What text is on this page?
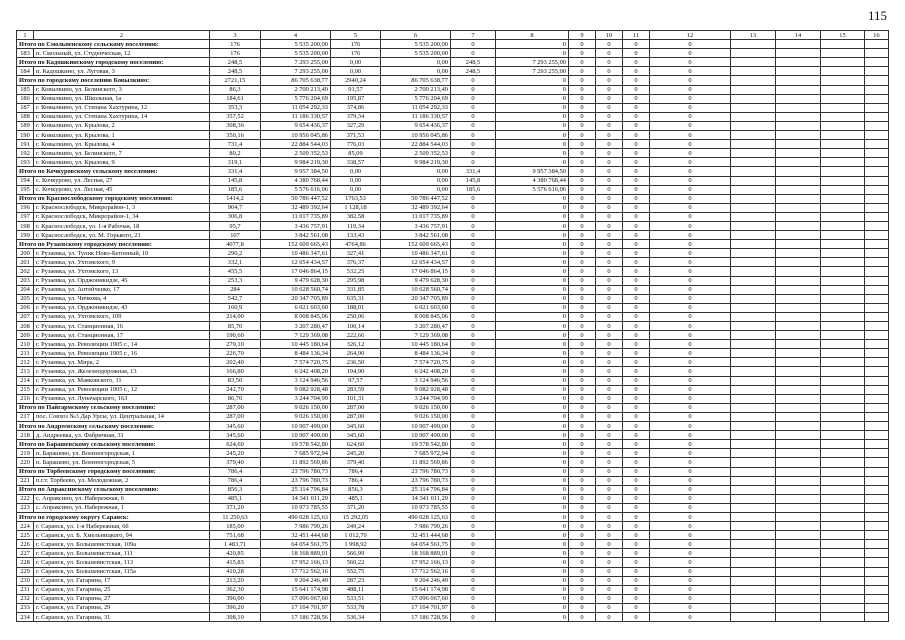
115
1	2	3	4	5	6	7	8	9	10	11	12	13	14	15	16
Итого по Смольненскому сельскому поселению:		176	5 535 200,00	176	5 535 200,00	0	0	0	0	0	0				
183	п. Смольный, ул. Студенческая, 12	176	5 535 200,00	176	5 535 200,00	0	0	0	0	0	0				
Итого по Кадошкинскому городскому поселению:		248,5	7 293 255,00	0,00	0,00	248,5	7 293 255,00	0	0	0	0				
184	п. Кадошкино, ул. Луговая, 3	248,5	7 293 255,00	0,00	0,00	248,5	7 293 255,00	0	0	0	0				
Итого по городскому поселению Ковылкино:		2721,15	86 705 638,77	2940,24	86 705 638,77	0	0	0	0	0	0				
185	г. Ковылкино, ул. Белинского, 3	86,3	2 700 213,49	91,57	2 700 213,49	0	0	0	0	0	0				
186	г. Ковылкино, ул. Школьная, 1а	184,61	5 776 204,69	195,87	5 776 204,69	0	0	0	0	0	0				
187	г. Ковылкино, ул. Степана Хахтурина, 12	353,3	11 054 292,33	374,86	11 054 292,33	0	0	0	0	0	0				
188	г. Ковылкино, ул. Степана Хахтурина, 14	357,52	11 186 330,57	379,34	11 186 330,57	0	0	0	0	0	0				
189	г. Ковылкино, ул. Крылова, 2	308,36	9 654 436,37	327,29	9 654 436,37	0	0	0	0	0	0				
190	г. Ковылкино, ул. Крылова, 1	350,16	10 956 045,86	371,53	10 956 045,86	0	0	0	0	0	0				
191	г. Ковылкино, ул. Крылова, 4	731,4	22 884 544,03	776,03	22 884 544,03	0	0	0	0	0	0				
192	г. Ковылкино, ул. Белинского, 7	80,2	2 509 352,53	85,09	2 509 352,53	0	0	0	0	0	0				
193	г. Ковылкино, ул. Крылова, 9	319,1	9 984 219,30	338,57	9 984 219,30	0	0	0	0	0	0				
Итого по Кочкуровскому сельскому поселению:		331,4	9 957 384,50	0,00	0,00	331,4	9 957 384,50	0	0	0	0				
194	с. Кочкурово, ул. Лесная, 27	145,8	4 380 768,44	0,00	0,00	145,8	4 380 768,44	0	0	0	0				
195	с. Кочкурово, ул. Лесная, 45	185,6	5 576 616,06	0,00	0,00	185,6	5 576 616,06	0	0	0	0				
Итого по Краснослободскому городскому поселению:		1414,2	50 786 447,52	1763,53	50 786 447,52	0	0	0	0	0	0				
196	г. Краснослободск, Микрорайон-1, 3	904,7	32 489 392,64	1 128,18	32 489 392,64	0	0	0	0	0	0				
197	г. Краснослободск, Микрорайон-1, 34	306,8	11 017 735,89	382,58	11 017 735,89	0	0	0	0	0	0				
198	г. Краснослободск, ул. 1-я Рабочая, 18	95,7	3 436 757,91	119,34	3 436 757,91	0	0	0	0	0	0				
199	г. Краснослободск, ул. М. Горького, 21	107	3 842 561,08	133,43	3 842 561,08	0	0	0	0	0	0				
Итого по Рузаевскому городскому поселению:		4077,8	152 609 665,43	4764,86	152 609 665,43	0	0	0	0	0	0				
200	г. Рузаевка, ул. Тупик Ново-Бетонный, 10	290,2	10 486 347,61	327,41	10 486 347,61	0	0	0	0	0	0				
201	г. Рузаевка, ул. Ухтомского, 9	332,1	12 054 434,57	376,37	12 054 434,57	0	0	0	0	0	0				
202	г. Рузаевка, ул. Ухтомского, 13	455,5	17 046 864,15	532,25	17 046 864,15	0	0	0	0	0	0				
203	г. Рузаевка, ул. Орджоникидзе, 45	253,3	9 479 628,30	295,98	9 479 628,30	0	0	0	0	0	0				
204	г. Рузаевка, ул. Антейченко, 17	284	10 628 560,74	331,85	10 628 560,74	0	0	0	0	0	0				
205	г. Рузаевка, ул. Чичкова, 4	542,7	20 347 705,89	635,31	20 347 705,89	0	0	0	0	0	0				
206	г. Рузаевка, ул. Орджоникидзе, 43	160,9	6 021 603,60	188,01	6 021 603,60	0	0	0	0	0	0				
207	г. Рузаевка, ул. Ухтомского, 109	214,00	8 008 845,06	250,06	8 008 845,06	0	0	0	0	0	0				
208	г. Рузаевка, ул. Станционная, 16	85,70	3 207 280,47	100,14	3 207 280,47	0	0	0	0	0	0				
209	г. Рузаевка, ул. Станционная, 17	190,60	7 129 369,08	222,66	7 129 369,08	0	0	0	0	0	0				
210	г. Рузаевка, ул. Революции 1905 г., 14	279,10	10 445 180,64	326,12	10 445 180,64	0	0	0	0	0	0				
211	г. Рузаевка, ул. Революции 1905 г., 16	226,70	8 484 136,34	264,90	8 484 136,34	0	0	0	0	0	0				
212	г. Рузаевка, ул. Мира, 2	202,40	7 574 720,75	236,50	7 574 720,75	0	0	0	0	0	0				
213	г. Рузаевка, ул. Железнодорожная, 13	166,80	6 242 408,20	194,90	6 242 408,20	0	0	0	0	0	0				
214	г. Рузаевка, ул. Маяковского, 11	83,50	3 124 946,56	97,57	3 124 946,56	0	0	0	0	0	0				
215	г. Рузаевка, ул. Революции 1905 г., 12	242,70	9 082 928,48	283,59	9 082 928,48	0	0	0	0	0	0				
216	г. Рузаевка, ул. Луначарского, 163	86,70	3 244 704,99	101,31	3 244 704,99	0	0	0	0	0	0				
Итого по Пайгармскому сельскому поселению:		287,00	9 026 150,00	287,00	9 026 150,00	0	0	0	0	0	0				
217	пос. Совхоз №3 Дар Урсы, ул. Центральная, 14	287,00	9 026 150,00	287,00	9 026 150,00	0	0	0	0	0	0				
Итого по Андреевскому сельскому поселению:		345,60	10 907 499,00	345,60	10 907 499,00	0	0	0	0	0	0				
218	д. Андреевка, ул. Фабричная, 31	345,60	10 907 499,00	345,60	10 907 499,00	0	0	0	0	0	0				
Итого по Барашевскому сельскому поселению:		624,60	19 578 542,80	624,60	19 578 542,80	0	0	0	0	0	0				
219	п. Барашево, ул. Военногородская, 1	245,20	7 685 972,94	245,20	7 685 972,94	0	0	0	0	0	0				
220	п. Барашево, ул. Военногородская, 5	379,40	11 892 569,86	379,40	11 892 569,86	0	0	0	0	0	0				
Итого по Торбеевскому городскому поселению:		786,4	23 796 780,73	786,4	23 796 780,73	0	0	0	0	0	0				
221	п.г.т. Торбеево, ул. Молодежная, 2	786,4	23 796 780,73	786,4	23 796 780,73	0	0	0	0	0	0				
Итого по Апраксинскому сельскому поселению:		856,3	25 314 796,84	856,3	25 314 796,84	0	0	0	0	0	0				
222	с. Апраксино, ул. Набережная, 6	485,1	14 341 011,29	485,1	14 341 011,29	0	0	0	0	0	0				
223	с. Апраксино, ул. Набережная, 1	371,20	10 973 785,55	371,20	10 973 785,55	0	0	0	0	0	0				
Итого по городскому округу Саранск:		11 250,63	490 028 125,63	15 292,05	490 028 125,63	0	0	0	0	0	0				
224	г. Саранск, ул. 1-я Набережная, 6б	185,00	7 986 799,26	249,24	7 986 799,26	0	0	0	0	0	0				
225	г. Саранск, ул. Б. Хмельницкого, 94	751,68	32 451 444,68	1 012,70	32 451 444,68	0	0	0	0	0	0				
226	г. Саранск, ул. Большевистская, 109а	1 483,71	64 054 561,75	1 998,92	64 054 561,75	0	0	0	0	0	0				
227	г. Саранск, ул. Большевистская, 111	420,85	18 168 889,01	566,99	18 168 889,01	0	0	0	0	0	0				
228	г. Саранск, ул. Большевистская, 113	415,83	17 952 166,13	560,22	17 952 166,13	0	0	0	0	0	0				
229	г. Саранск, ул. Большевистская, 115а	410,28	17 712 562,16	552,75	17 712 562,16	0	0	0	0	0	0				
230	г. Саранск, ул. Гагарина, 17	213,20	9 204 246,49	287,23	9 204 246,49	0	0	0	0	0	0				
231	г. Саранск, ул. Гагарина, 25	362,30	15 641 174,98	488,11	15 641 174,98	0	0	0	0	0	0				
232	г. Саранск, ул. Гагарина, 27	396,00	17 096 067,60	533,51	17 096 067,60	0	0	0	0	0	0				
233	г. Саранск, ул. Гагарина, 29	396,20	17 104 701,97	533,78	17 104 701,97	0	0	0	0	0	0				
234	г. Саранск, ул. Гагарина, 31	398,10	17 186 728,56	536,34	17 186 728,56	0	0	0	0	0	0				
